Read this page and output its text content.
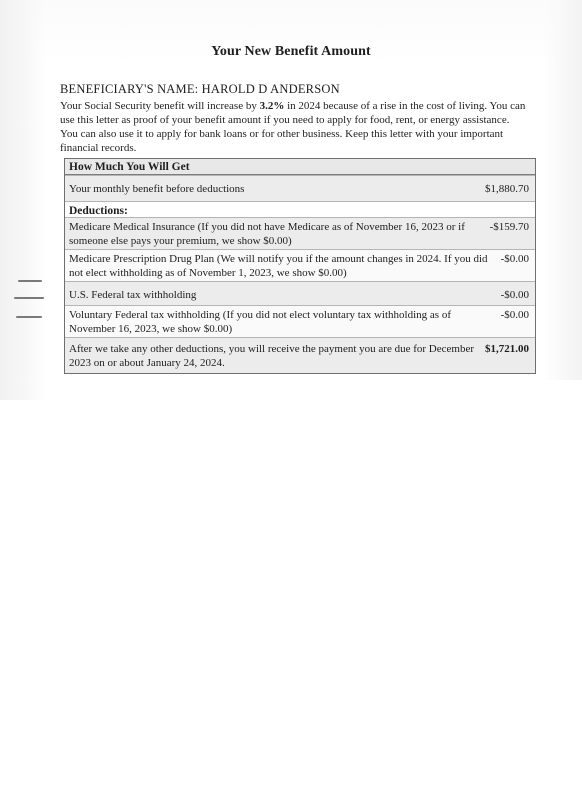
Your New Benefit Amount
BENEFICIARY'S NAME: HAROLD D ANDERSON
Your Social Security benefit will increase by 3.2% in 2024 because of a rise in the cost of living. You can use this letter as proof of your benefit amount if you need to apply for food, rent, or energy assistance. You can also use it to apply for bank loans or for other business. Keep this letter with your important financial records.
How Much You Will Get
Your monthly benefit before deductions	$1,880.70
Deductions:
Medicare Medical Insurance (If you did not have Medicare as of November 16, 2023 or if someone else pays your premium, we show $0.00)
-$159.70
Medicare Prescription Drug Plan (We will notify you if the amount changes in 2024. If you did not elect withholding as of November 1, 2023, we show $0.00)
-$0.00
U.S. Federal tax withholding	-$0.00
Voluntary Federal tax withholding (If you did not elect voluntary tax withholding as of November 16, 2023, we show $0.00)
-$0.00
After we take any other deductions, you will receive the payment you are due for December 2023 on or about January 24, 2024.
$1,721.00
